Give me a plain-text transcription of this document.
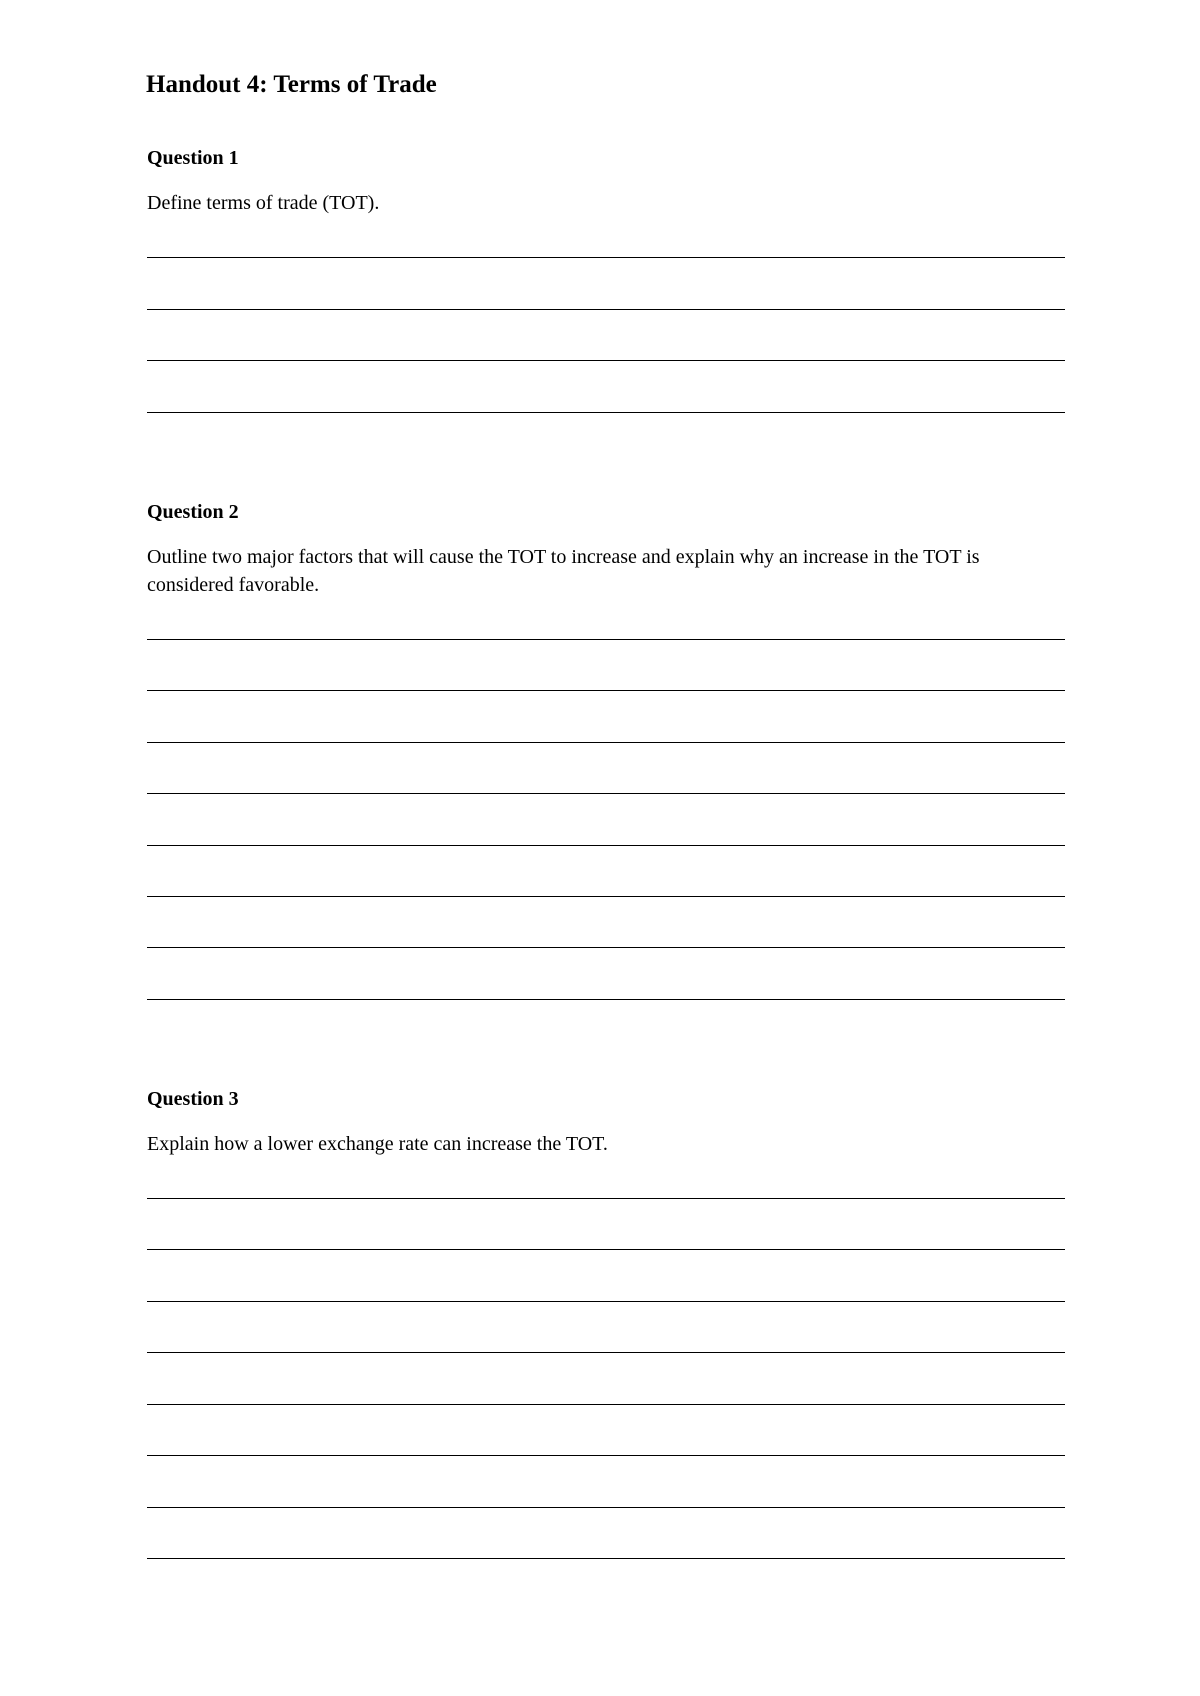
Handout 4: Terms of Trade
Question 1

Define terms of trade (TOT).

Question 2

Outline two major factors that will cause the TOT to increase and explain why an increase in the TOT is considered favorable.

Question 3

Explain how a lower exchange rate can increase the TOT.
